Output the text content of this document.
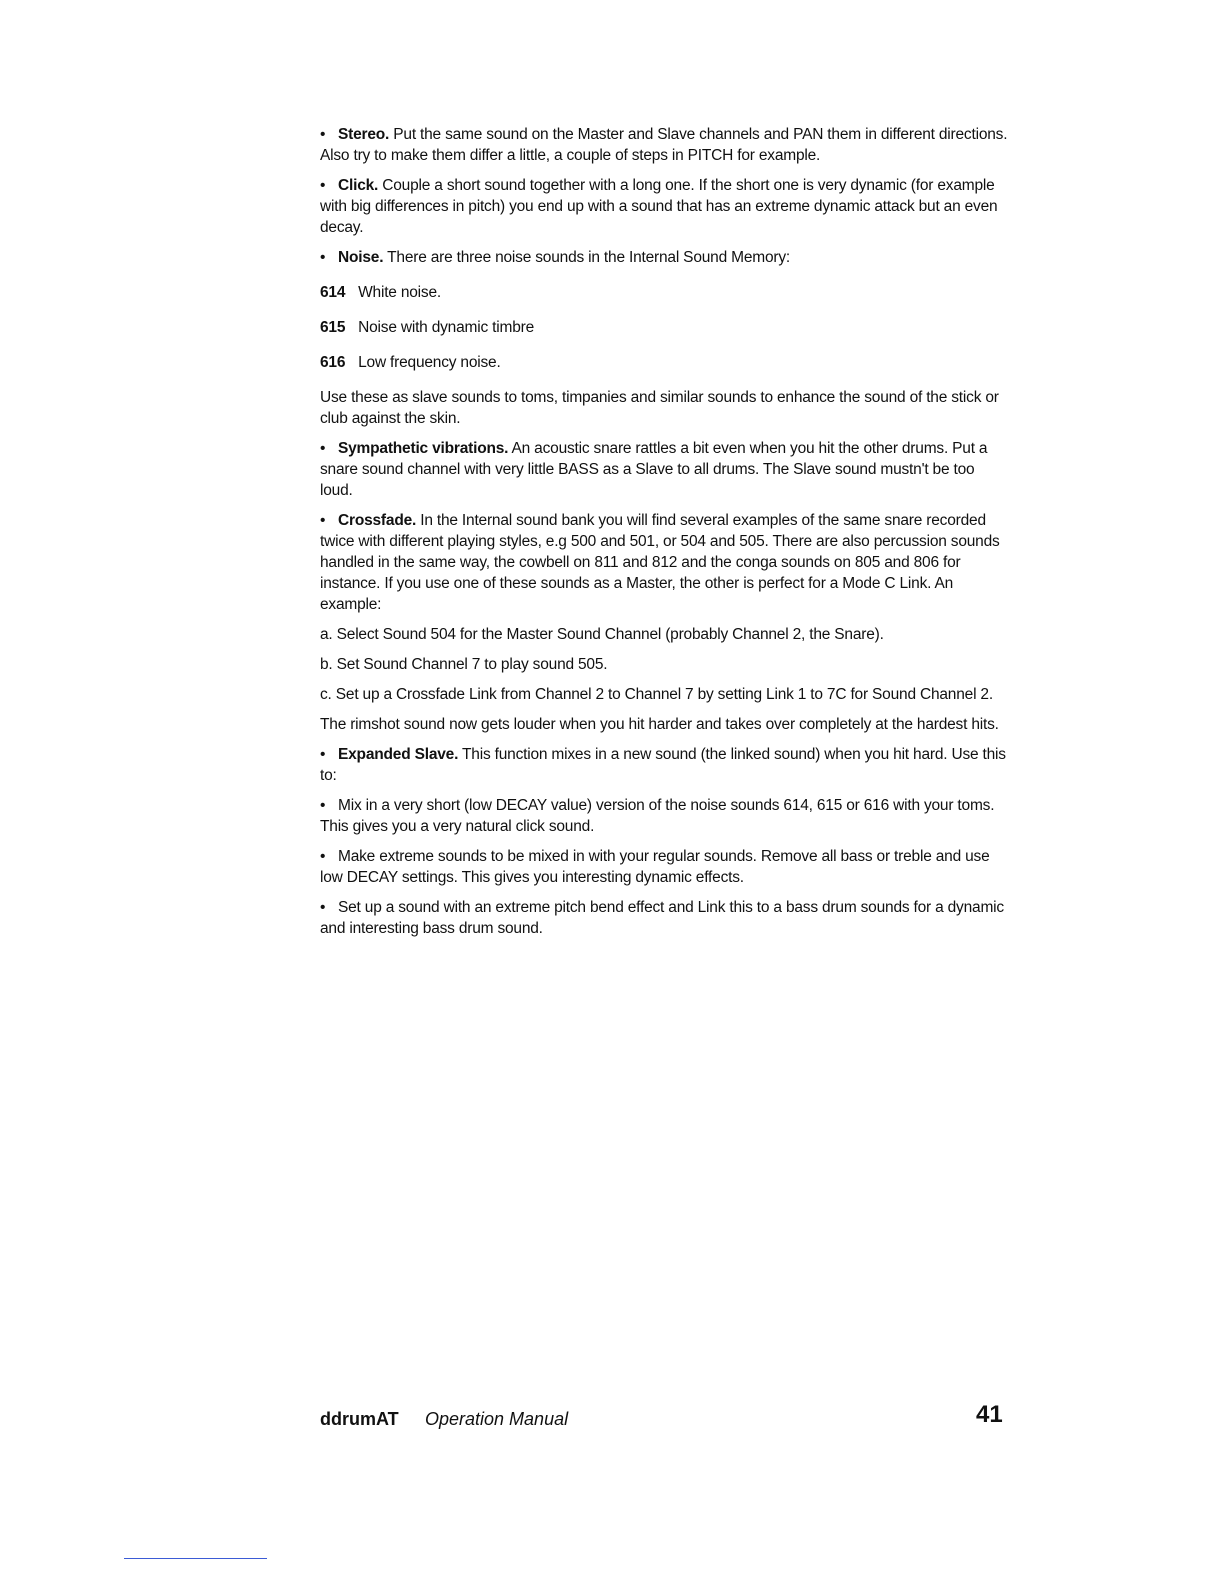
• Stereo. Put the same sound on the Master and Slave channels and PAN them in different directions. Also try to make them differ a little, a couple of steps in PITCH for example.

• Click. Couple a short sound together with a long one. If the short one is very dynamic (for example with big differences in pitch) you end up with a sound that has an extreme dynamic attack but an even decay.

• Noise. There are three noise sounds in the Internal Sound Memory:

614 White noise.

615 Noise with dynamic timbre

616 Low frequency noise.

Use these as slave sounds to toms, timpanies and similar sounds to enhance the sound of the stick or club against the skin.

• Sympathetic vibrations. An acoustic snare rattles a bit even when you hit the other drums. Put a snare sound channel with very little BASS as a Slave to all drums. The Slave sound mustn't be too loud.

• Crossfade. In the Internal sound bank you will find several examples of the same snare recorded twice with different playing styles, e.g 500 and 501, or 504 and 505. There are also percussion sounds handled in the same way, the cowbell on 811 and 812 and the conga sounds on 805 and 806 for instance. If you use one of these sounds as a Master, the other is perfect for a Mode C Link. An example:

a. Select Sound 504 for the Master Sound Channel (probably Channel 2, the Snare).

b. Set Sound Channel 7 to play sound 505.

c. Set up a Crossfade Link from Channel 2 to Channel 7 by setting Link 1 to 7C for Sound Channel 2.

The rimshot sound now gets louder when you hit harder and takes over completely at the hardest hits.

• Expanded Slave. This function mixes in a new sound (the linked sound) when you hit hard. Use this to:

• Mix in a very short (low DECAY value) version of the noise sounds 614, 615 or 616 with your toms. This gives you a very natural click sound.

• Make extreme sounds to be mixed in with your regular sounds. Remove all bass or treble and use low DECAY settings. This gives you interesting dynamic effects.

• Set up a sound with an extreme pitch bend effect and Link this to a bass drum sounds for a dynamic and interesting bass drum sound.

ddrumAT Operation Manual	41
